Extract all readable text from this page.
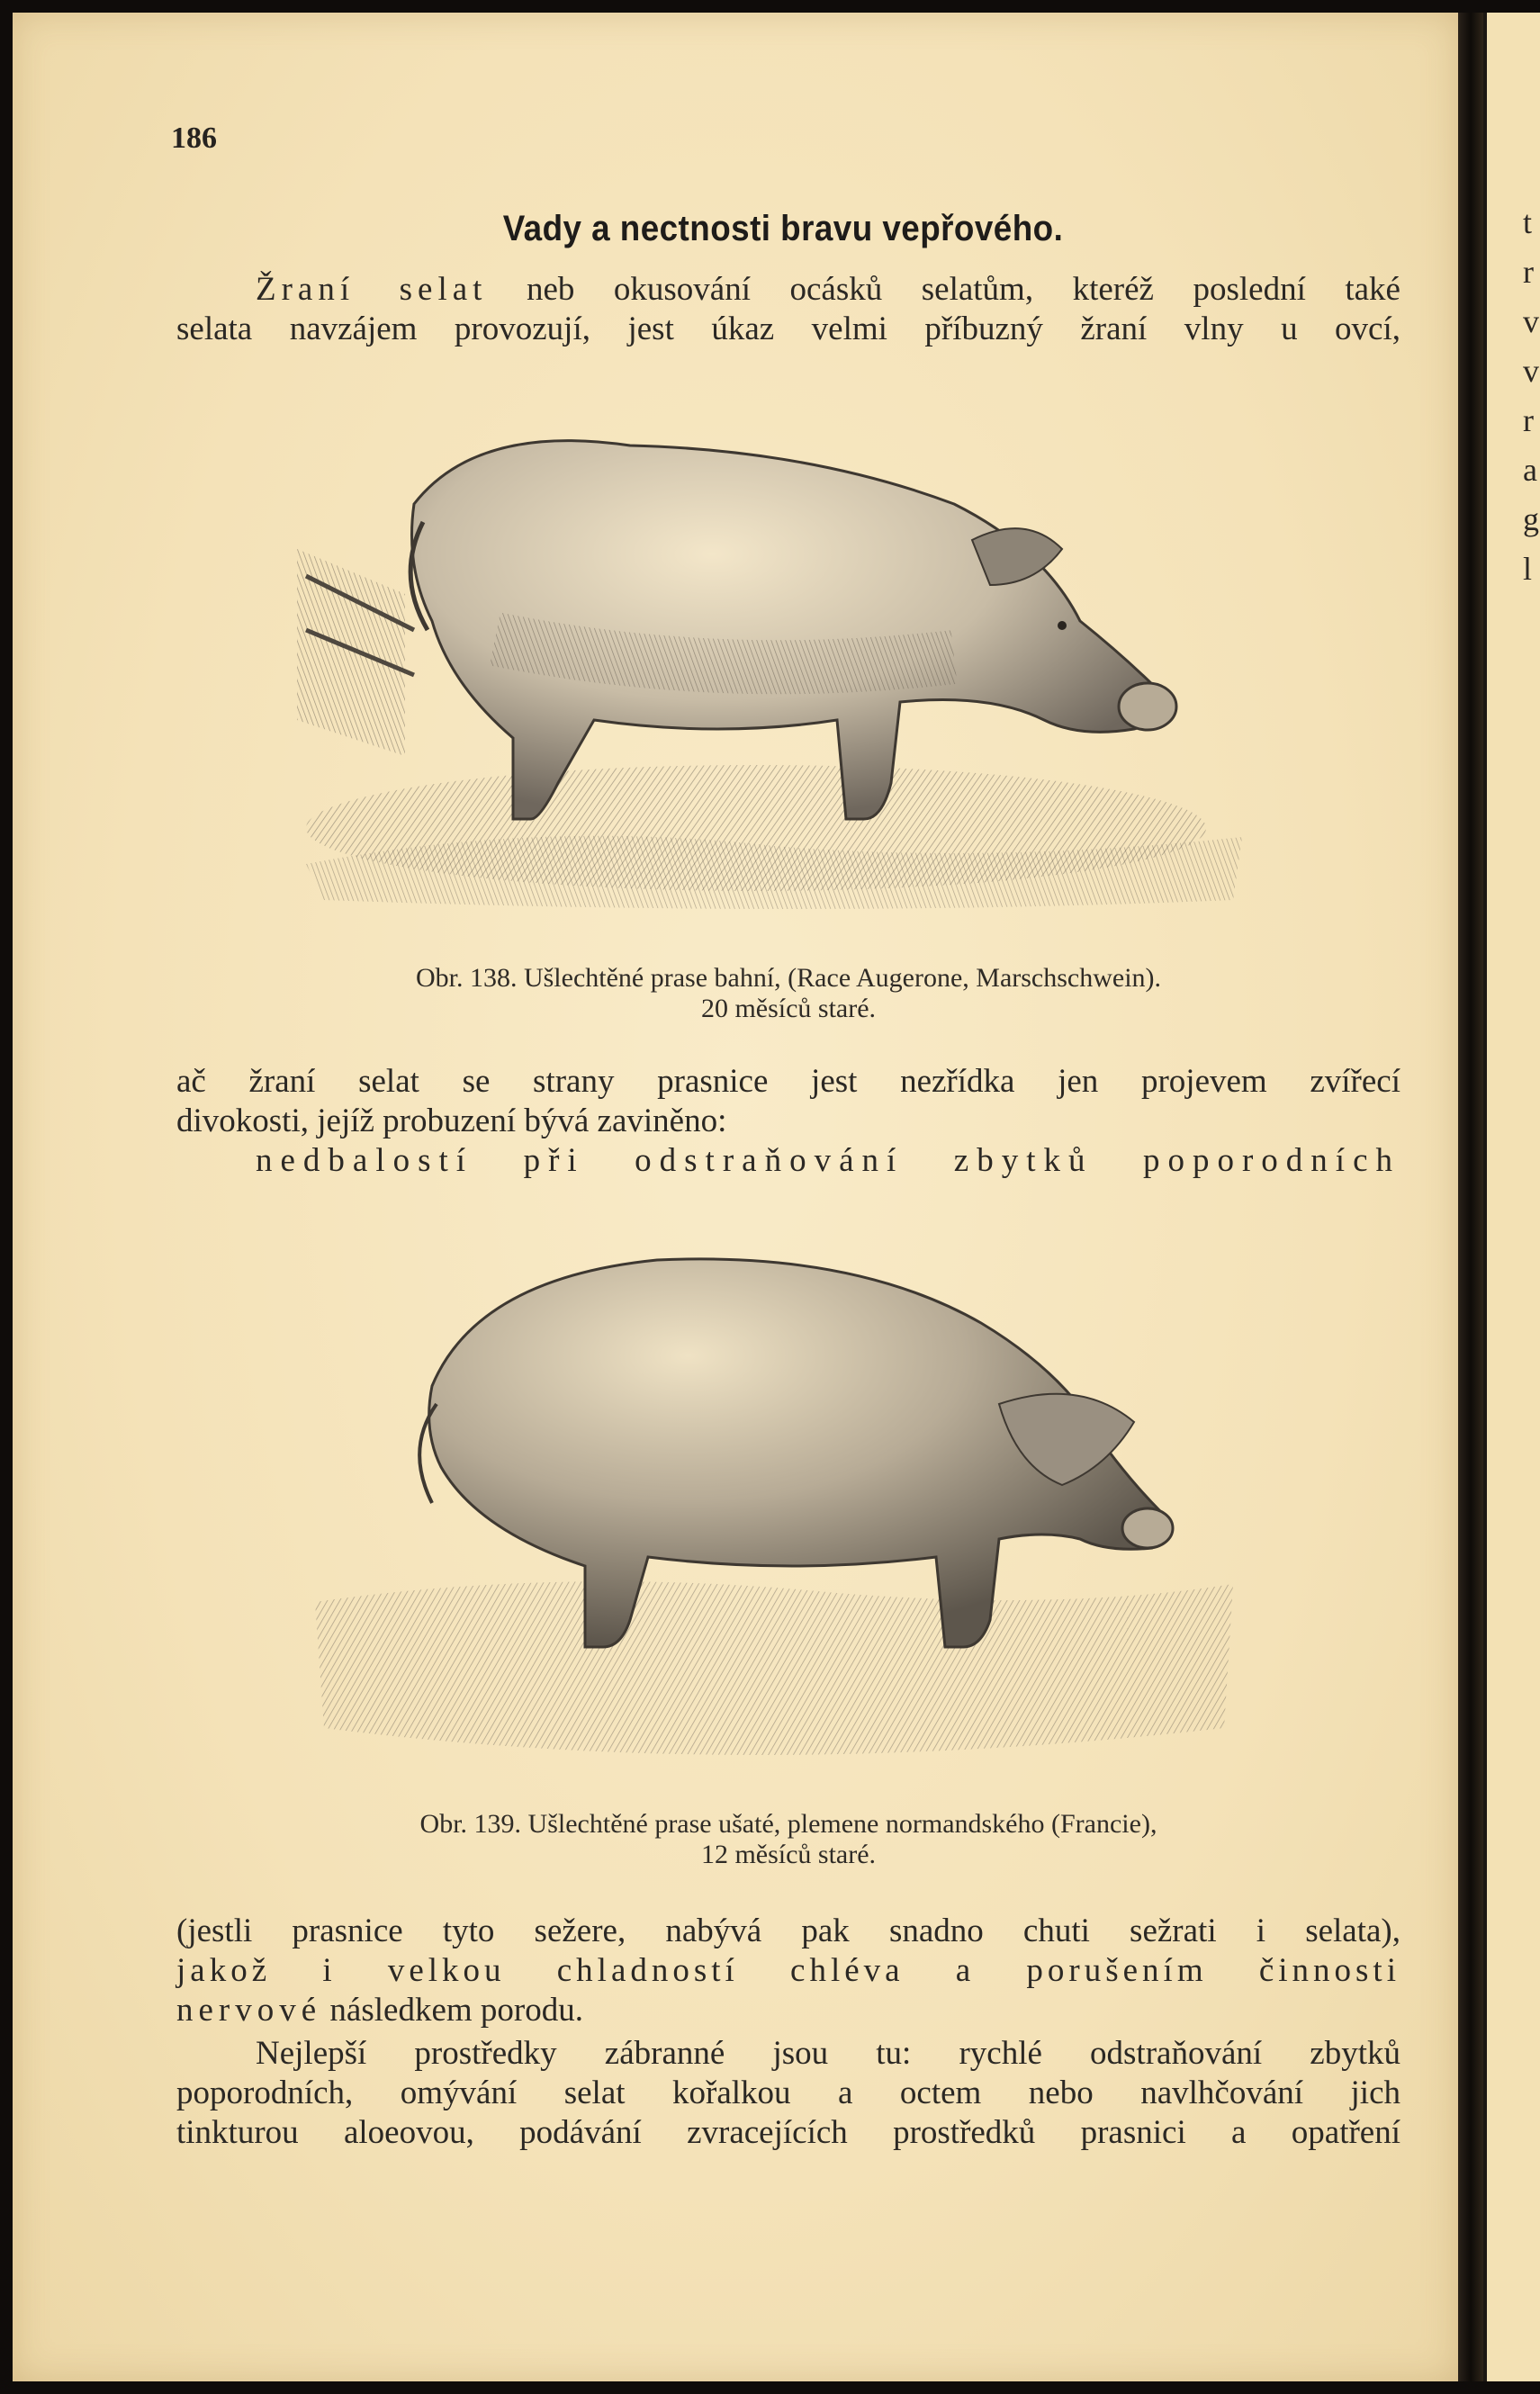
t
r
v
v
r
a
g
l
186
Vady a nectnosti bravu vepřového.
Žraní selat neb okusování ocásků selatům, kteréž poslední také
selata navzájem provozují, jest úkaz velmi příbuzný žraní vlny u ovcí,
Obr. 138. Ušlechtěné prase bahní, (Race Augerone, Marschschwein).
20 měsíců staré.
ač žraní selat se strany prasnice jest nezřídka jen projevem zvířecí
divokosti, jejíž probuzení bývá zaviněno:
nedbalostí při odstraňování zbytků poporodních
Obr. 139. Ušlechtěné prase ušaté, plemene normandského (Francie),
12 měsíců staré.
(jestli prasnice tyto sežere, nabývá pak snadno chuti sežrati i selata),
jakož i velkou chladností chléva a porušením činnosti
nervové následkem porodu.
Nejlepší prostředky zábranné jsou tu: rychlé odstraňování zbytků
poporodních, omývání selat kořalkou a octem nebo navlhčování jich
tinkturou aloeovou, podávání zvracejících prostředků prasnici a opatření
